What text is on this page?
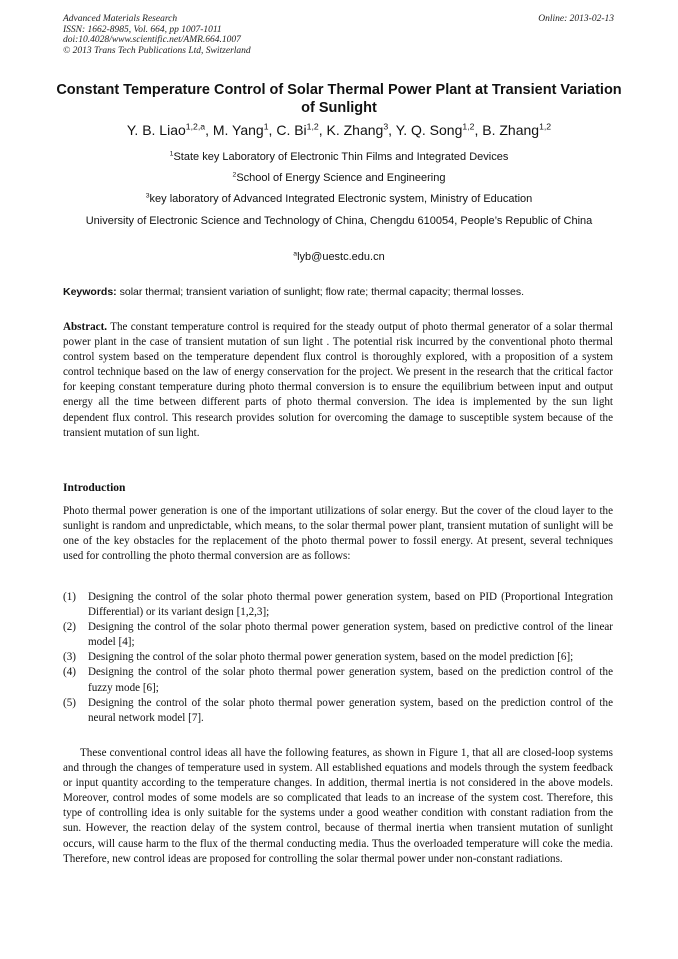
Advanced Materials Research
ISSN: 1662-8985, Vol. 664, pp 1007-1011
doi:10.4028/www.scientific.net/AMR.664.1007
© 2013 Trans Tech Publications Ltd, Switzerland
Online: 2013-02-13
Constant Temperature Control of Solar Thermal Power Plant at Transient Variation of Sunlight
Y. B. Liao$^{1,2,a}$, M. Yang$^1$, C. Bi$^{1,2}$, K. Zhang$^3$, Y. Q. Song$^{1,2}$, B. Zhang$^{1,2}$
$^1$State key Laboratory of Electronic Thin Films and Integrated Devices
$^2$School of Energy Science and Engineering
$^3$key laboratory of Advanced Integrated Electronic system, Ministry of Education
University of Electronic Science and Technology of China, Chengdu 610054, People’s Republic of China
$^a$lyb@uestc.edu.cn
Keywords: solar thermal; transient variation of sunlight; flow rate; thermal capacity; thermal losses.
Abstract. The constant temperature control is required for the steady output of photo thermal generator of a solar thermal power plant in the case of transient mutation of sun light . The potential risk incurred by the conventional photo thermal control system based on the temperature dependent flux control is thoroughly explored, with a proposition of a system control technique based on the law of energy conservation for the project. We present in the research that the critical factor for keeping constant temperature during photo thermal conversion is to ensure the equilibrium between input and output energy all the time between different parts of photo thermal conversion. The idea is implemented by the sun light dependent flux control. This research provides solution for overcoming the damage to susceptible system because of the transient mutation of sun light.
Introduction
Photo thermal power generation is one of the important utilizations of solar energy. But the cover of the cloud layer to the sunlight is random and unpredictable, which means, to the solar thermal power plant, transient mutation of sunlight will be one of the key obstacles for the replacement of the photo thermal power to fossil energy. At present, several techniques used for controlling the photo thermal conversion are as follows:
(1) Designing the control of the solar photo thermal power generation system, based on PID (Proportional Integration Differential) or its variant design [1,2,3];
(2) Designing the control of the solar photo thermal power generation system, based on predictive control of the linear model [4];
(3) Designing the control of the solar photo thermal power generation system, based on the model prediction [6];
(4) Designing the control of the solar photo thermal power generation system, based on the prediction control of the fuzzy mode [6];
(5) Designing the control of the solar photo thermal power generation system, based on the prediction control of the neural network model [7].
These conventional control ideas all have the following features, as shown in Figure 1, that all are closed-loop systems and through the changes of temperature used in system. All established equations and models through the system feedback or input quantity according to the temperature changes. In addition, thermal inertia is not considered in the above models. Moreover, control modes of some models are so complicated that leads to an increase of the system cost. Therefore, this type of controlling idea is only suitable for the systems under a good weather condition with constant radiation from the sun. However, the reaction delay of the system control, because of thermal inertia when transient mutation of sunlight occurs, will cause harm to the flux of the thermal conducting media. Thus the overloaded temperature will coke the media. Therefore, new control ideas are proposed for controlling the solar thermal power under non-constant radiations.
